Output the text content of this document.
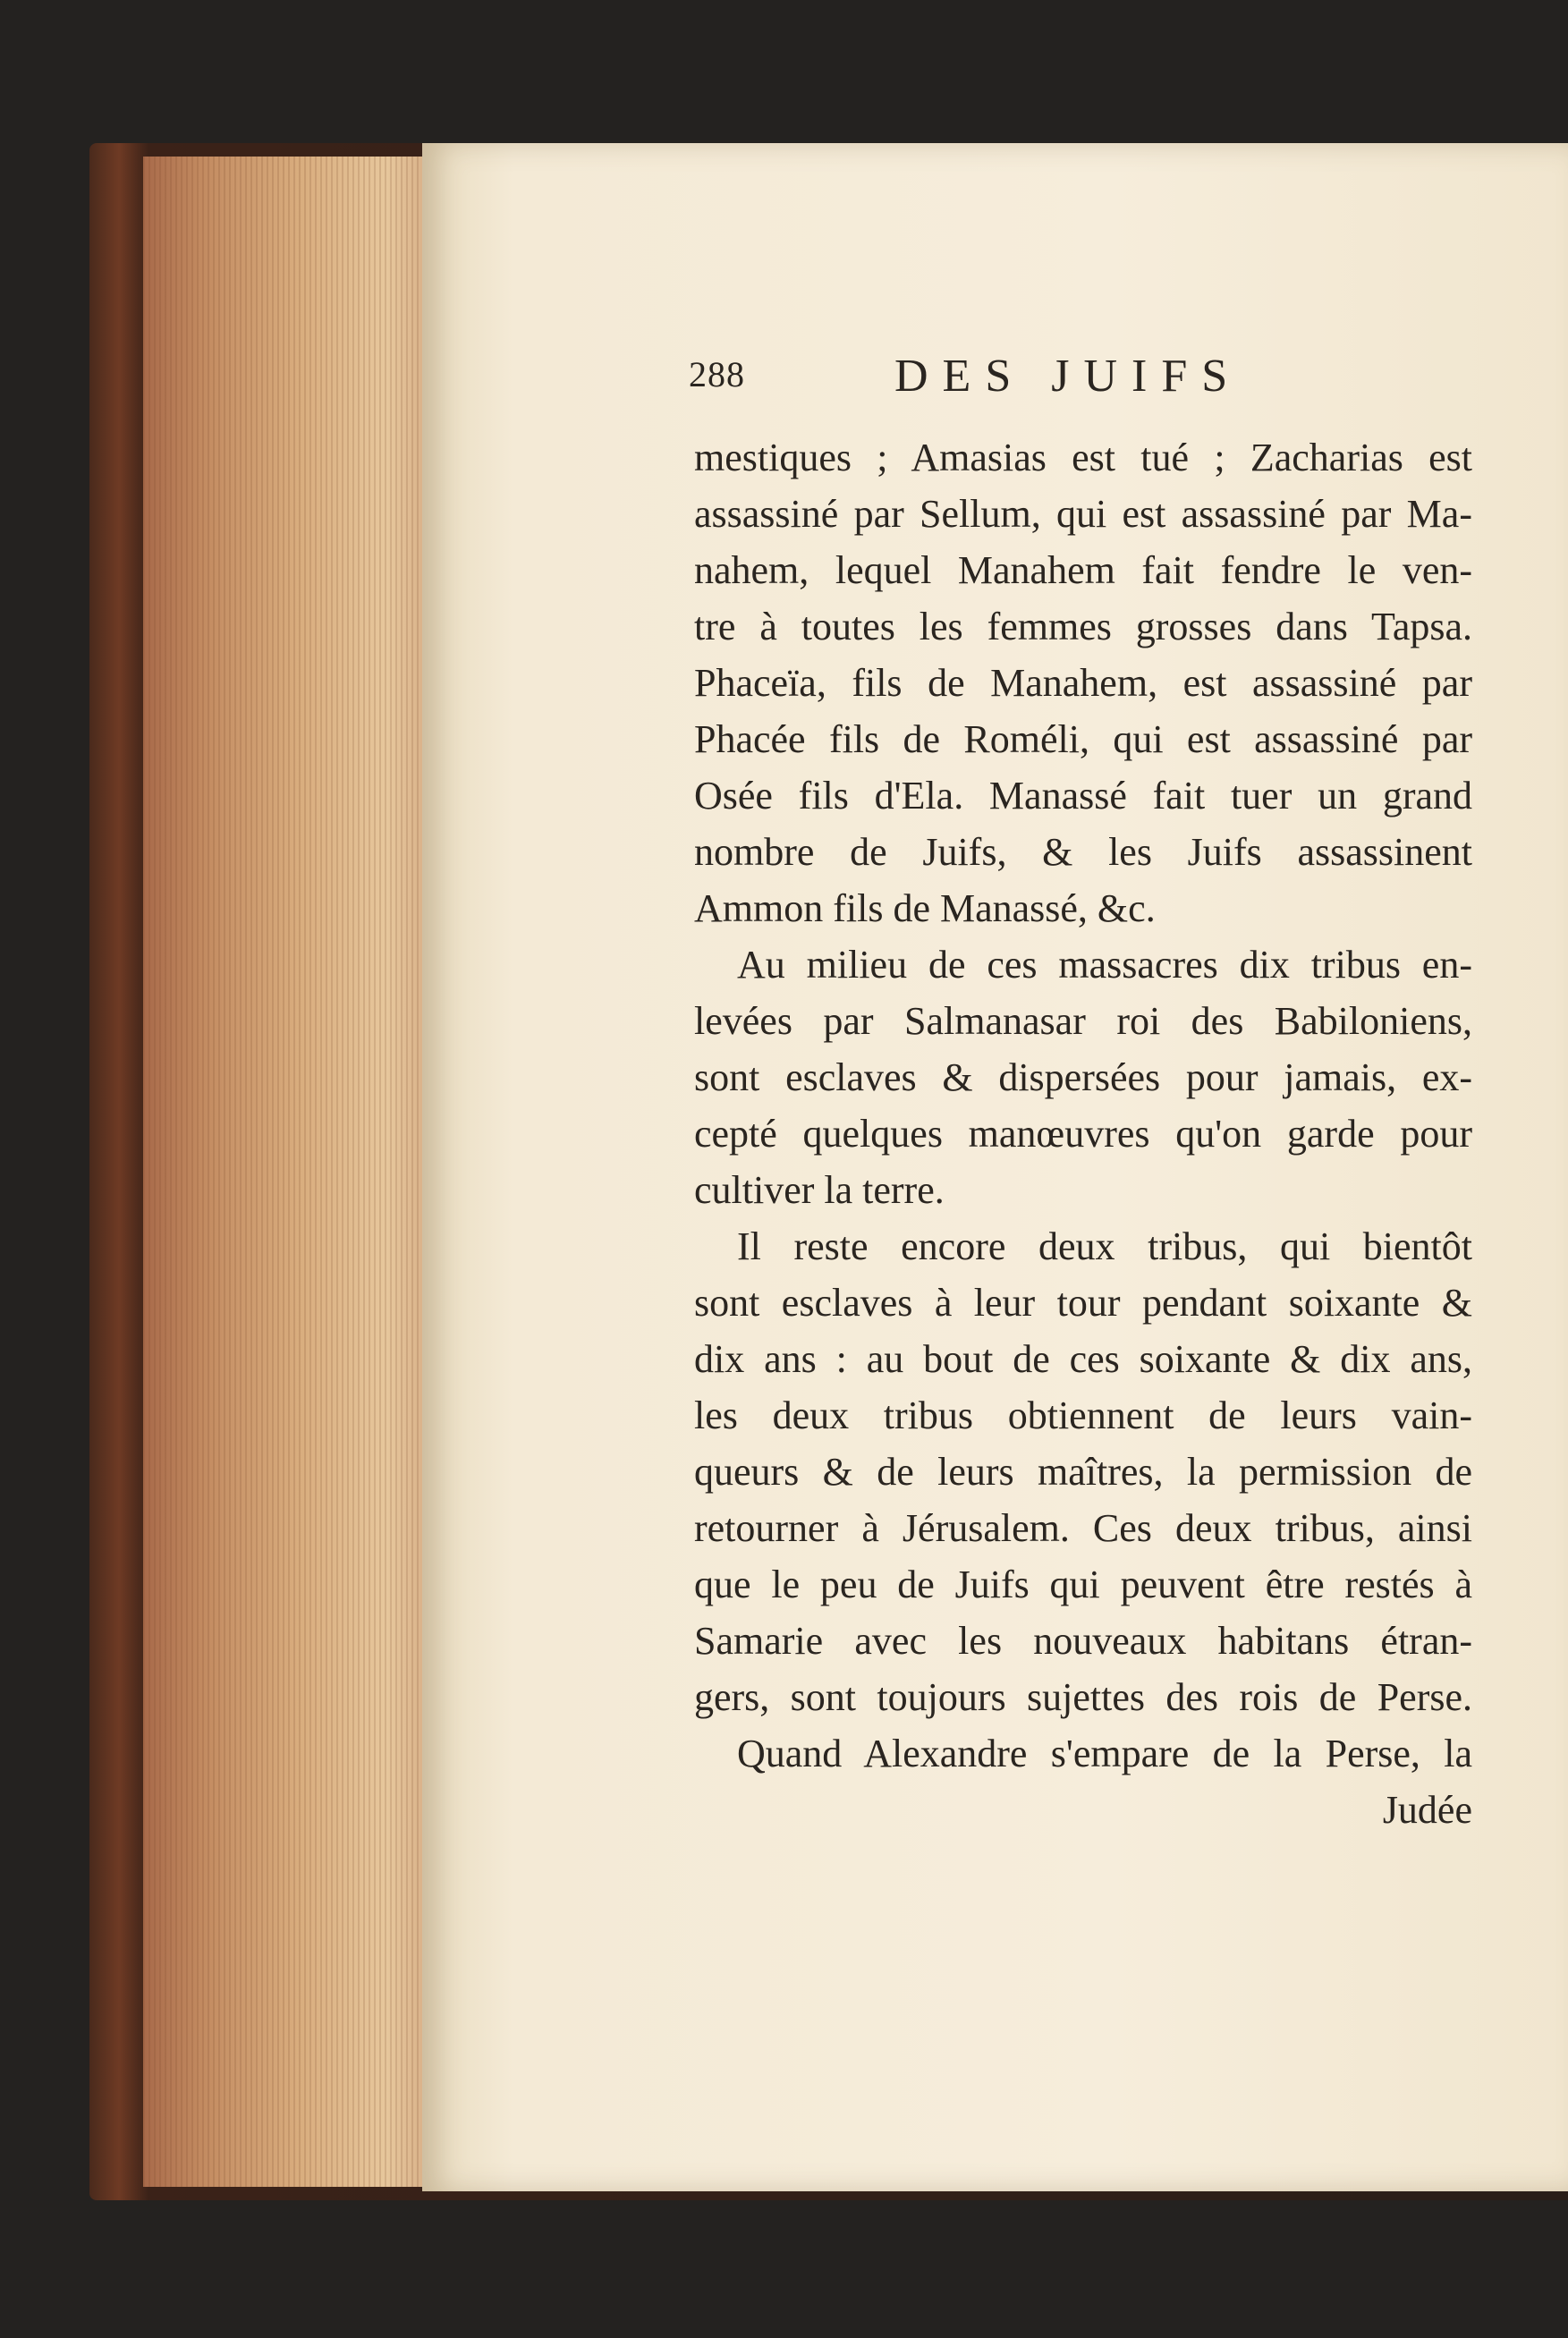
288	DES JUIFS
mestiques ; Amasias est tué ; Zacharias est
assassiné par Sellum, qui est assassiné par Ma-
nahem, lequel Manahem fait fendre le ven-
tre à toutes les femmes grosses dans Tapsa.
Phaceïa, fils de Manahem, est assassiné par
Phacée fils de Roméli, qui est assassiné par
Osée fils d'Ela. Manassé fait tuer un grand
nombre de Juifs, & les Juifs assassinent
Ammon fils de Manassé, &c.
Au milieu de ces massacres dix tribus en-
levées par Salmanasar roi des Babiloniens,
sont esclaves & dispersées pour jamais, ex-
cepté quelques manœuvres qu'on garde pour
cultiver la terre.
Il reste encore deux tribus, qui bientôt
sont esclaves à leur tour pendant soixante &
dix ans : au bout de ces soixante & dix ans,
les deux tribus obtiennent de leurs vain-
queurs & de leurs maîtres, la permission de
retourner à Jérusalem. Ces deux tribus, ainsi
que le peu de Juifs qui peuvent être restés à
Samarie avec les nouveaux habitans étran-
gers, sont toujours sujettes des rois de Perse.
Quand Alexandre s'empare de la Perse, la
Judée
